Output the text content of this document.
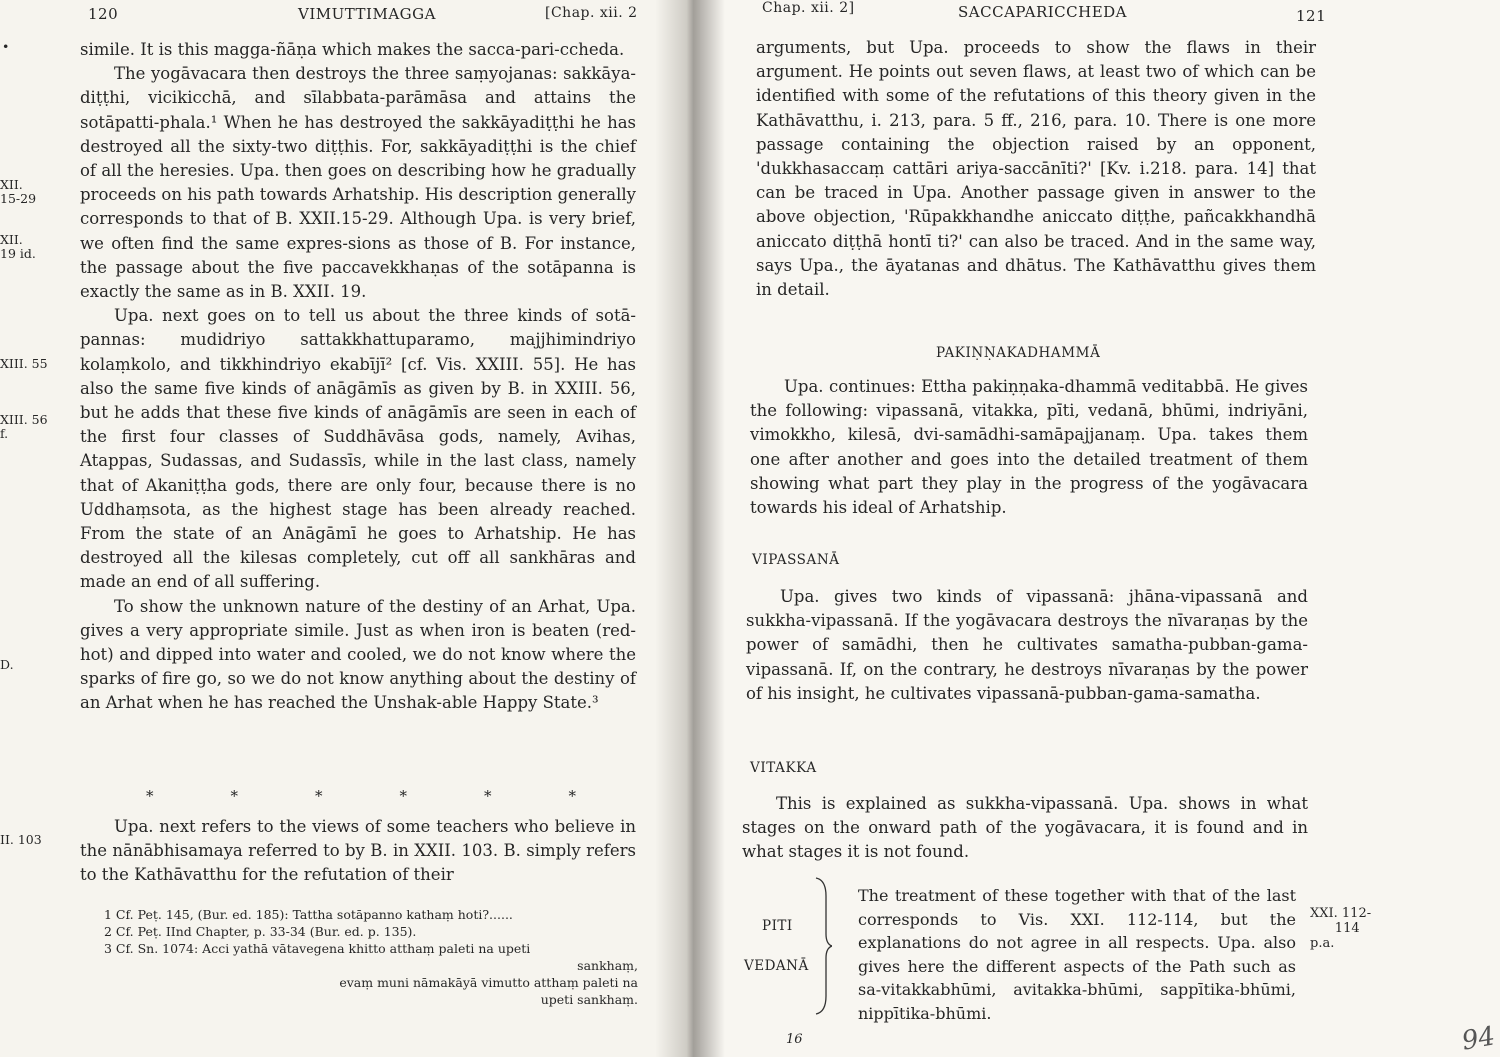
120	VIMUTTIMAGGA	[Chap. xii. 2
•
XII.
15-29
XII.
19 id.
XIII. 55
XIII. 56
f.
D.
II. 103

simile. It is this magga-ñāṇa which makes the sacca-pari-ccheda.

The yogāvacara then destroys the three saṃyojanas: sakkāya-diṭṭhi, vicikicchā, and sīlabbata-parāmāsa and attains the sotāpatti-phala.¹ When he has destroyed the sakkāyadiṭṭhi he has destroyed all the sixty-two diṭṭhis. For, sakkāyadiṭṭhi is the chief of all the heresies. Upa. then goes on describing how he gradually proceeds on his path towards Arhatship. His description generally corresponds to that of B. XXII.15-29. Although Upa. is very brief, we often find the same expres-sions as those of B. For instance, the passage about the five paccavekkhaṇas of the sotāpanna is exactly the same as in B. XXII. 19.

Upa. next goes on to tell us about the three kinds of sotā-pannas: mudidriyo sattakkhattuparamo, majjhimindriyo kolaṃkolo, and tikkhindriyo ekabījī² [cf. Vis. XXIII. 55]. He has also the same five kinds of anāgāmīs as given by B. in XXIII. 56, but he adds that these five kinds of anāgāmīs are seen in each of the first four classes of Suddhāvāsa gods, namely, Avihas, Atappas, Sudassas, and Sudassīs, while in the last class, namely that of Akaniṭṭha gods, there are only four, because there is no Uddhaṃsota, as the highest stage has been already reached. From the state of an Anāgāmī he goes to Arhatship. He has destroyed all the kilesas completely, cut off all sankhāras and made an end of all suffering.

To show the unknown nature of the destiny of an Arhat, Upa. gives a very appropriate simile. Just as when iron is beaten (red-hot) and dipped into water and cooled, we do not know where the sparks of fire go, so we do not know anything about the destiny of an Arhat when he has reached the Unshak-able Happy State.³

*	*	*	*	*	*

Upa. next refers to the views of some teachers who believe in the nānābhisamaya referred to by B. in XXII. 103. B. simply refers to the Kathāvatthu for the refutation of their

1 Cf. Peṭ. 145, (Bur. ed. 185): Tattha sotāpanno kathaṃ hoti?......

2 Cf. Peṭ. IInd Chapter, p. 33-34 (Bur. ed. p. 135).

3 Cf. Sn. 1074: Acci yathā vātavegena khitto atthaṃ paleti na upeti

sankhaṃ,

evaṃ muni nāmakāyā vimutto atthaṃ paleti na

upeti sankhaṃ.

Chap. xii. 2]	SACCAPARICCHEDA	121

arguments, but Upa. proceeds to show the flaws in their argument. He points out seven flaws, at least two of which can be identified with some of the refutations of this theory given in the Kathāvatthu, i. 213, para. 5 ff., 216, para. 10. There is one more passage containing the objection raised by an opponent, 'dukkhasaccaṃ cattāri ariya-saccānīti?' [Kv. i.218. para. 14] that can be traced in Upa. Another passage given in answer to the above objection, 'Rūpakkhandhe aniccato diṭṭhe, pañcakkhandhā aniccato diṭṭhā hontī ti?' can also be traced. And in the same way, says Upa., the āyatanas and dhātus. The Kathāvatthu gives them in detail.

PAKIṆṆAKADHAMMĀ

Upa. continues: Ettha pakiṇṇaka-dhammā veditabbā. He gives the following: vipassanā, vitakka, pīti, vedanā, bhūmi, indriyāni, vimokkho, kilesā, dvi-samādhi-samāpajjanaṃ. Upa. takes them one after another and goes into the detailed treatment of them showing what part they play in the progress of the yogāvacara towards his ideal of Arhatship.

VIPASSANĀ

Upa. gives two kinds of vipassanā: jhāna-vipassanā and sukkha-vipassanā. If the yogāvacara destroys the nīvaraṇas by the power of samādhi, then he cultivates samatha-pubban-gama-vipassanā. If, on the contrary, he destroys nīvaraṇas by the power of his insight, he cultivates vipassanā-pubban-gama-samatha.

VITAKKA

This is explained as sukkha-vipassanā. Upa. shows in what stages on the onward path of the yogāvacara, it is found and in what stages it is not found.

PITI
VEDANĀ

The treatment of these together with that of the last corresponds to Vis. XXI. 112-114, but the explanations do not agree in all respects. Upa. also gives here the different aspects of the Path such as sa-vitakkabhūmi, avitakka-bhūmi, sappītika-bhūmi, nippītika-bhūmi.

XXI. 112-
114
p.a.
16	94
